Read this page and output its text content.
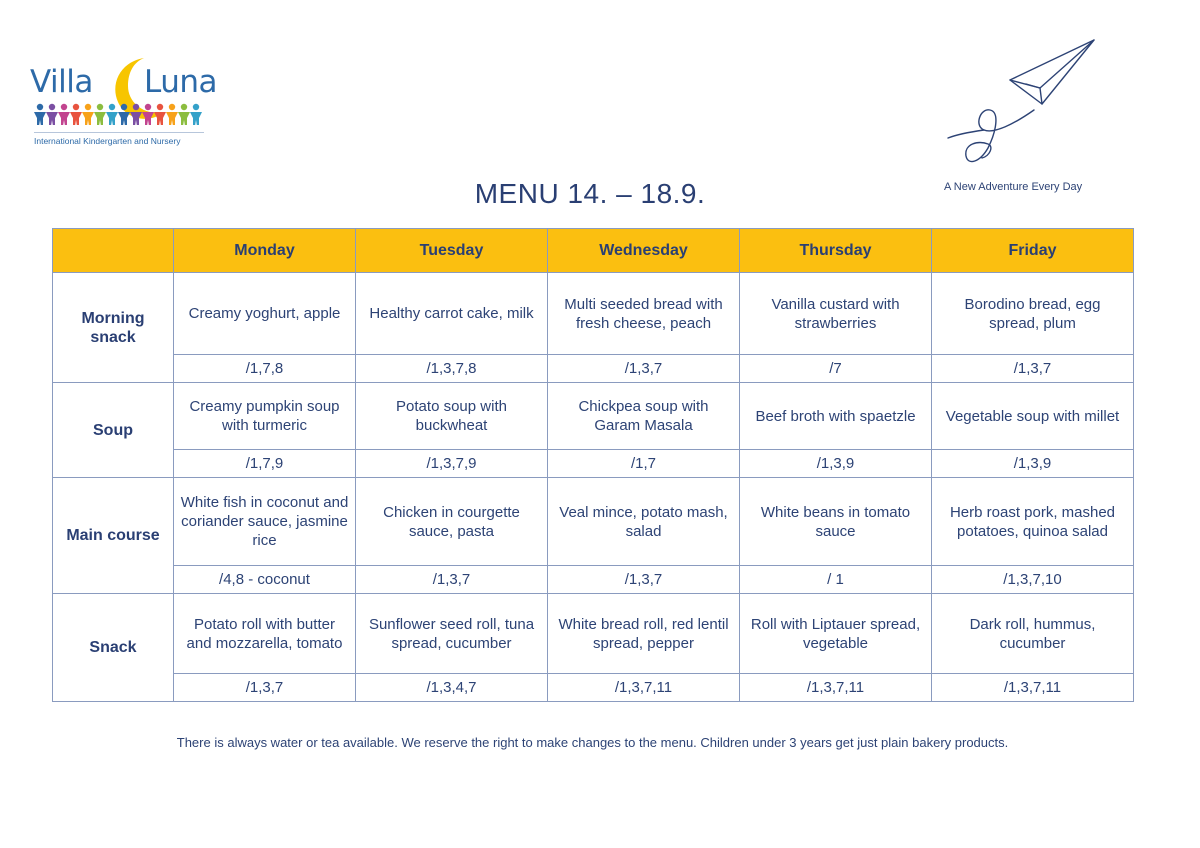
Villa Luna
International Kindergarten and Nursery
A New Adventure Every Day
MENU 14. – 18.9.
	Monday	Tuesday	Wednesday	Thursday	Friday
Morning snack	Creamy yoghurt, apple	Healthy carrot cake, milk	Multi seeded bread with fresh cheese, peach	Vanilla custard with strawberries	Borodino bread, egg spread, plum
	/1,7,8	/1,3,7,8	/1,3,7	/7	/1,3,7
Soup	Creamy pumpkin soup with turmeric	Potato soup with buckwheat	Chickpea soup with Garam Masala	Beef broth with spaetzle	Vegetable soup with millet
	/1,7,9	/1,3,7,9	/1,7	/1,3,9	/1,3,9
Main course	White fish in coconut and coriander sauce, jasmine rice	Chicken in courgette sauce, pasta	Veal mince, potato mash, salad	White beans in tomato sauce	Herb roast pork, mashed potatoes, quinoa salad
	/4,8 - coconut	/1,3,7	/1,3,7	/ 1	/1,3,7,10
Snack	Potato roll with butter and mozzarella, tomato	Sunflower seed roll, tuna spread, cucumber	White bread roll, red lentil spread, pepper	Roll with Liptauer spread, vegetable	Dark roll, hummus, cucumber
	/1,3,7	/1,3,4,7	/1,3,7,11	/1,3,7,11	/1,3,7,11
There is always water or tea available. We reserve the right to make changes to the menu. Children under 3 years get just plain bakery products.
